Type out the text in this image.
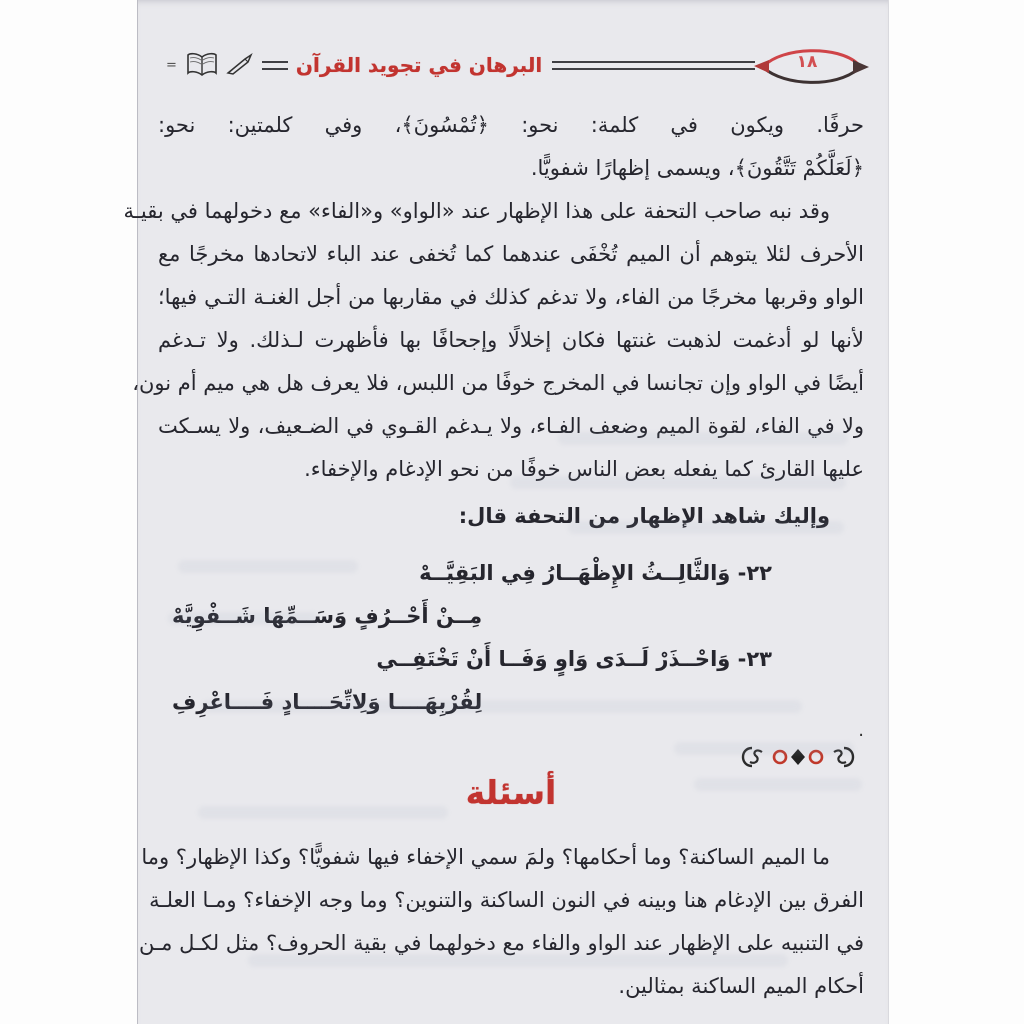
=	البرهان في تجويد القرآن	١٨
حرفًا. ويكون في كلمة: نحو: ﴿تُمْسُونَ﴾، وفي كلمتين: نحو:
﴿لَعَلَّكُمْ تَتَّقُونَ﴾، ويسمى إظهارًا شفويًّا.
وقد نبه صاحب التحفة على هذا الإظهار عند «الواو» و«الفاء» مع دخولهما في بقيـة
الأحرف لئلا يتوهم أن الميم تُخْفَى عندهما كما تُخفى عند الباء لاتحادها مخرجًا مع
الواو وقربها مخرجًا من الفاء، ولا تدغم كذلك في مقاربها من أجل الغنـة التـي فيها؛
لأنها لو أدغمت لذهبت غنتها فكان إخلالًا وإجحافًا بها فأظهرت لـذلك. ولا تـدغم
أيضًا في الواو وإن تجانسا في المخرج خوفًا من اللبس، فلا يعرف هل هي ميم أم نون،
ولا في الفاء، لقوة الميم وضعف الفـاء، ولا يـدغم القـوي في الضـعيف، ولا يسـكت
عليها القارئ كما يفعله بعض الناس خوفًا من نحو الإدغام والإخفاء.
وإليك شاهد الإظهار من التحفة قال:
٢٢- وَالثَّالِــثُ الإِظْهَــارُ فِي البَقِيَّــهْ
مِــنْ أَحْــرُفٍ وَسَــمِّهَا شَــفْوِيَّهْ
٢٣- وَاحْــذَرْ لَــدَى وَاوٍ وَفَــا أَنْ تَخْتَفِــي
لِقُرْبِهَــــا وَلِاتِّحَــــادٍ فَــــاعْرِفِ
.
أسئلة
ما الميم الساكنة؟ وما أحكامها؟ ولمَ سمي الإخفاء فيها شفويًّا؟ وكذا الإظهار؟ وما
الفرق بين الإدغام هنا وبينه في النون الساكنة والتنوين؟ وما وجه الإخفاء؟ ومـا العلـة
في التنبيه على الإظهار عند الواو والفاء مع دخولهما في بقية الحروف؟ مثل لكـل مـن
أحكام الميم الساكنة بمثالين.
